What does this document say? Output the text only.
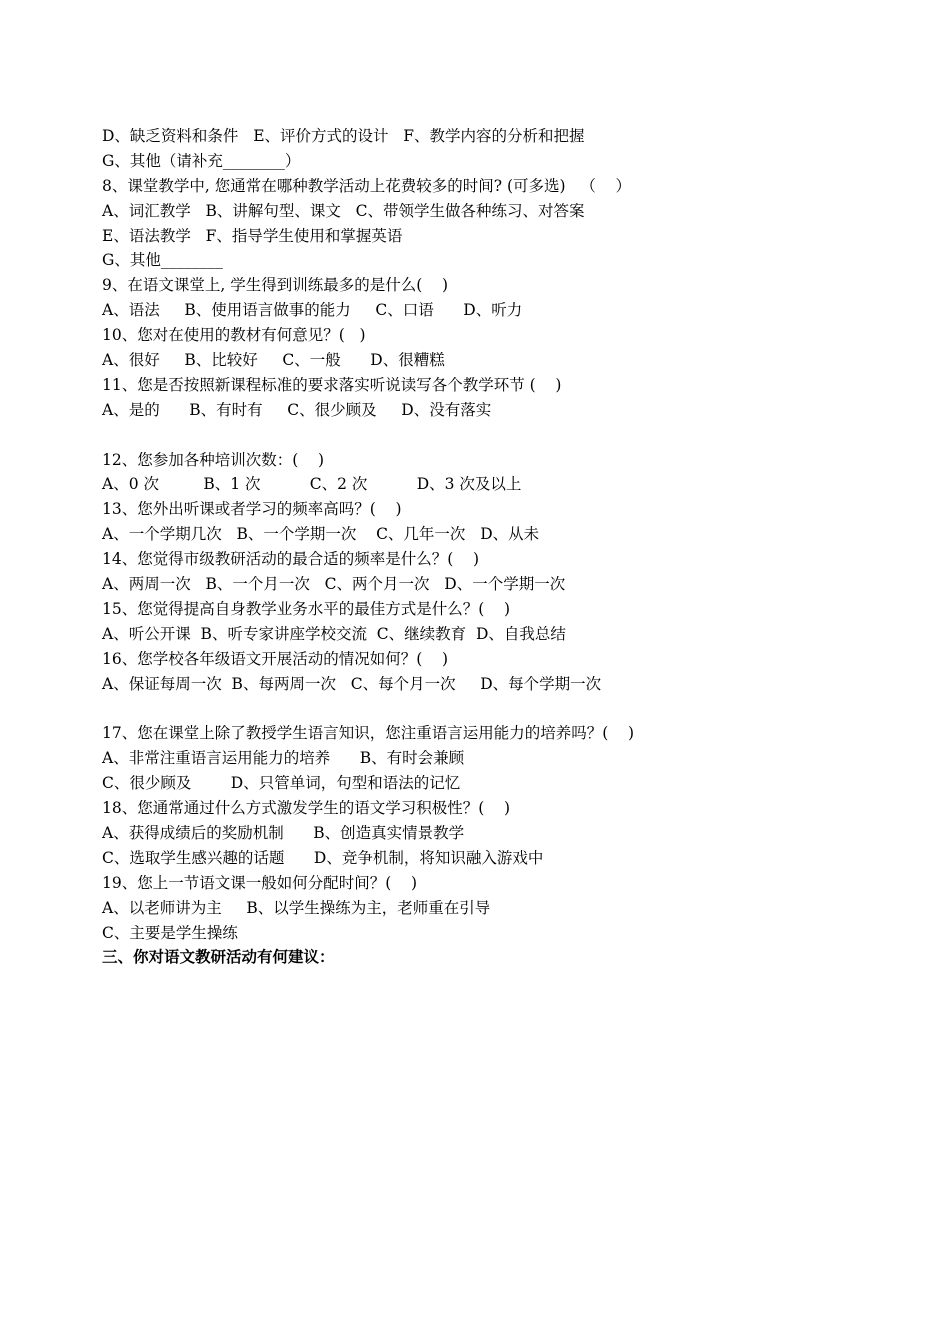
D、缺乏资料和条件   E、评价方式的设计   F、教学内容的分析和把握
G、其他（请补充________）
8、课堂教学中, 您通常在哪种教学活动上花费较多的时间? (可多选)   （    ）
A、词汇教学   B、讲解句型、课文   C、带领学生做各种练习、对答案
E、语法教学   F、指导学生使用和掌握英语
G、其他________
9、在语文课堂上, 学生得到训练最多的是什么(    )
A、语法     B、使用语言做事的能力     C、口语      D、听力
10、您对在使用的教材有何意见？(   )
A、很好     B、比较好     C、一般      D、很糟糕
11、您是否按照新课程标准的要求落实听说读写各个教学环节 (    )
A、是的      B、有时有     C、很少顾及     D、没有落实
12、您参加各种培训次数：(    )
A、0 次         B、1 次          C、2 次          D、3 次及以上
13、您外出听课或者学习的频率高吗？(    )
A、一个学期几次   B、一个学期一次    C、几年一次   D、从未
14、您觉得市级教研活动的最合适的频率是什么？(    )
A、两周一次   B、一个月一次   C、两个月一次   D、一个学期一次
15、您觉得提高自身教学业务水平的最佳方式是什么？(    )
A、听公开课  B、听专家讲座学校交流  C、继续教育  D、自我总结
16、您学校各年级语文开展活动的情况如何？(    )
A、保证每周一次  B、每两周一次   C、每个月一次     D、每个学期一次
17、您在课堂上除了教授学生语言知识，您注重语言运用能力的培养吗？(    )
A、非常注重语言运用能力的培养      B、有时会兼顾
C、很少顾及        D、只管单词，句型和语法的记忆
18、您通常通过什么方式激发学生的语文学习积极性？(    )
A、获得成绩后的奖励机制      B、创造真实情景教学
C、选取学生感兴趣的话题      D、竞争机制，将知识融入游戏中
19、您上一节语文课一般如何分配时间？(    )
A、以老师讲为主     B、以学生操练为主，老师重在引导
C、主要是学生操练
三、你对语文教研活动有何建议：
